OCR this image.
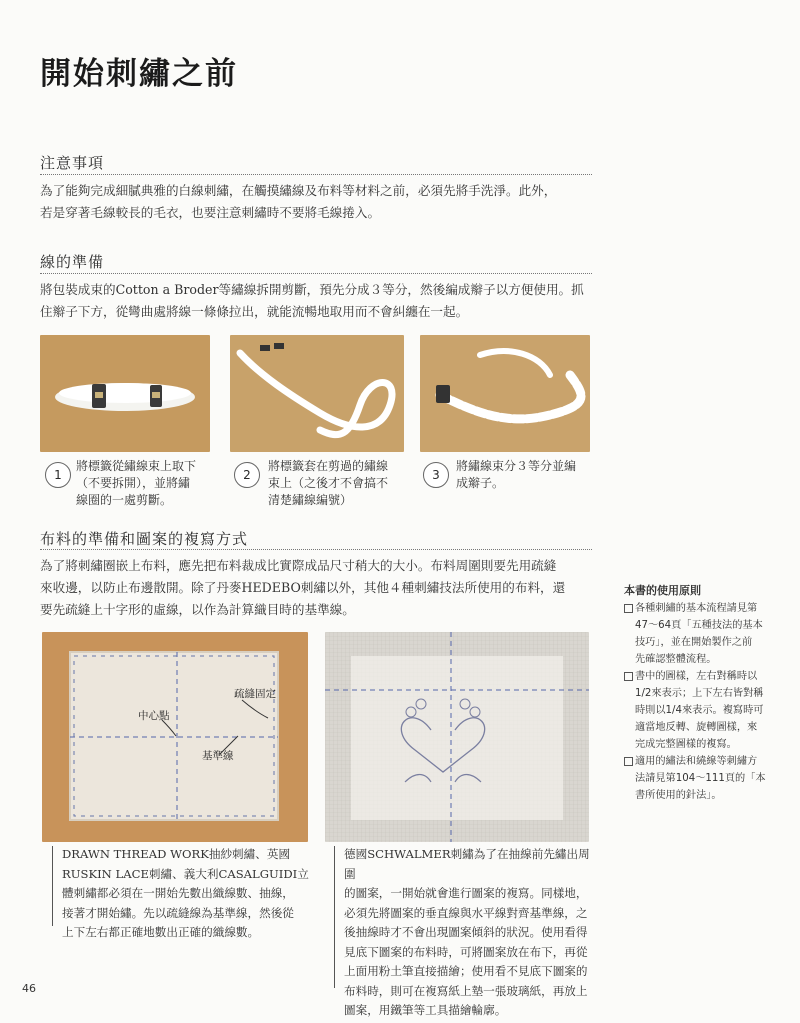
開始刺繡之前
注意事項
為了能夠完成細膩典雅的白線刺繡，在觸摸繡線及布料等材料之前，必須先將手洗淨。此外，
若是穿著毛線較長的毛衣，也要注意刺繡時不要將毛線捲入。
線的準備
將包裝成束的Cotton a Broder等繡線拆開剪斷，預先分成３等分，然後編成辮子以方便使用。抓
住辮子下方，從彎曲處將線一條條拉出，就能流暢地取用而不會糾纏在一起。
1
將標籤從繡線束上取下
（不要拆開），並將繡
線圈的一處剪斷。
2
將標籤套在剪過的繡線
束上（之後才不會搞不
清楚繡線編號）
3
將繡線束分３等分並編
成辮子。
布料的準備和圖案的複寫方式
為了將刺繡圈嵌上布料，應先把布料裁成比實際成品尺寸稍大的大小。布料周圍則要先用疏縫
來收邊，以防止布邊散開。除了丹麥HEDEBO刺繡以外，其他４種刺繡技法所使用的布料，還
要先疏縫上十字形的虛線，以作為計算織目時的基準線。
中心點
疏縫固定
基準線
DRAWN THREAD WORK抽紗刺繡、英國
RUSKIN LACE刺繡、義大利CASALGUIDI立
體刺繡都必須在一開始先數出織線數、抽線，
接著才開始繡。先以疏縫線為基準線，然後從
上下左右都正確地數出正確的織線數。
德國SCHWALMER刺繡為了在抽線前先繡出周圍
的圖案，一開始就會進行圖案的複寫。同樣地，
必須先將圖案的垂直線與水平線對齊基準線，之
後抽線時才不會出現圖案傾斜的狀況。使用看得
見底下圖案的布料時，可將圖案放在布下，再從
上面用粉土筆直接描繪；使用看不見底下圖案的
布料時，則可在複寫紙上墊一張玻璃紙，再放上
圖案，用鐵筆等工具描繪輪廓。
本書的使用原則
各種刺繡的基本流程請見第
47～64頁「五種技法的基本
技巧」，並在開始製作之前
先確認整體流程。
書中的圖樣，左右對稱時以
1/2來表示；上下左右皆對稱
時則以1/4來表示。複寫時可
適當地反轉、旋轉圖樣，來
完成完整圖樣的複寫。
適用的繡法和繞線等刺繡方
法請見第104～111頁的「本
書所使用的針法」。
46
